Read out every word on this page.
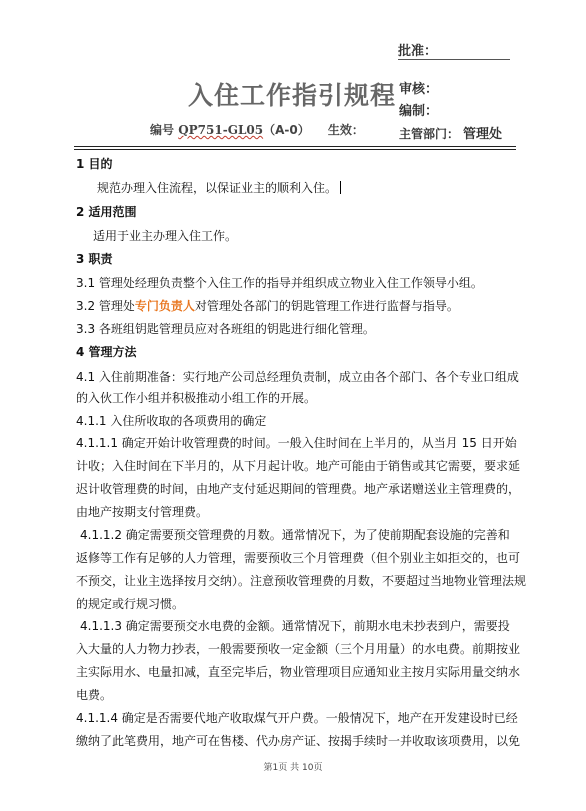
批准：
入住工作指引规程
编号 QP751-GL05（A-0） 生效：
审核：
编制：
主管部门： 管理处
1 目的
规范办理入住流程，以保证业主的顺利入住。
2 适用范围
适用于业主办理入住工作。
3 职责
3.1 管理处经理负责整个入住工作的指导并组织成立物业入住工作领导小组。
3.2 管理处专门负责人对管理处各部门的钥匙管理工作进行监督与指导。
3.3 各班组钥匙管理员应对各班组的钥匙进行细化管理。
4 管理方法
4.1 入住前期准备：实行地产公司总经理负责制，成立由各个部门、各个专业口组成
的入伙工作小组并积极推动小组工作的开展。
4.1.1 入住所收取的各项费用的确定
4.1.1.1 确定开始计收管理费的时间。一般入住时间在上半月的，从当月 15 日开始
计收；入住时间在下半月的，从下月起计收。地产可能由于销售或其它需要，要求延
迟计收管理费的时间，由地产支付延迟期间的管理费。地产承诺赠送业主管理费的，
由地产按期支付管理费。
4.1.1.2 确定需要预交管理费的月数。通常情况下，为了使前期配套设施的完善和
返修等工作有足够的人力管理，需要预收三个月管理费（但个别业主如拒交的，也可
不预交，让业主选择按月交纳）。注意预收管理费的月数，不要超过当地物业管理法规
的规定或行规习惯。
4.1.1.3 确定需要预交水电费的金额。通常情况下，前期水电未抄表到户，需要投
入大量的人力物力抄表，一般需要预收一定金额（三个月用量）的水电费。前期按业
主实际用水、电量扣减，直至完毕后，物业管理项目应通知业主按月实际用量交纳水
电费。
4.1.1.4 确定是否需要代地产收取煤气开户费。一般情况下，地产在开发建设时已经
缴纳了此笔费用，地产可在售楼、代办房产证、按揭手续时一并收取该项费用，以免
第1页 共 10页
